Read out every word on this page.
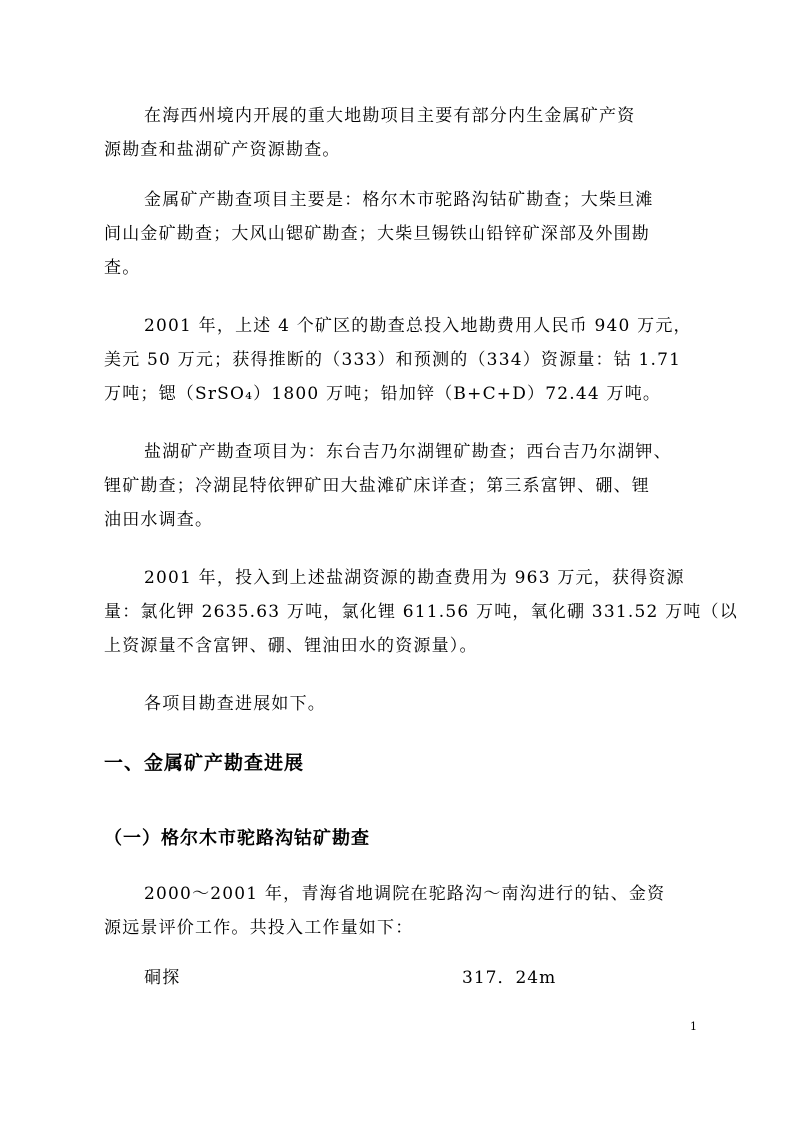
在海西州境内开展的重大地勘项目主要有部分内生金属矿产资
源勘查和盐湖矿产资源勘查。
金属矿产勘查项目主要是：格尔木市驼路沟钴矿勘查；大柴旦滩
间山金矿勘查；大风山锶矿勘查；大柴旦锡铁山铅锌矿深部及外围勘
查。
2001 年，上述 4 个矿区的勘查总投入地勘费用人民币 940 万元，
美元 50 万元；获得推断的（333）和预测的（334）资源量：钴 1.71
万吨；锶（SrSO₄）1800 万吨；铅加锌（B+C+D）72.44 万吨。
盐湖矿产勘查项目为：东台吉乃尔湖锂矿勘查；西台吉乃尔湖钾、
锂矿勘查；冷湖昆特依钾矿田大盐滩矿床详查；第三系富钾、硼、锂
油田水调查。
2001 年，投入到上述盐湖资源的勘查费用为 963 万元，获得资源
量：氯化钾 2635.63 万吨，氯化锂 611.56 万吨，氧化硼 331.52 万吨（以
上资源量不含富钾、硼、锂油田水的资源量）。
各项目勘查进展如下。
一、金属矿产勘查进展
（一）格尔木市驼路沟钴矿勘查
2000～2001 年，青海省地调院在驼路沟～南沟进行的钴、金资
源远景评价工作。共投入工作量如下：
硐探	317．24m
1
